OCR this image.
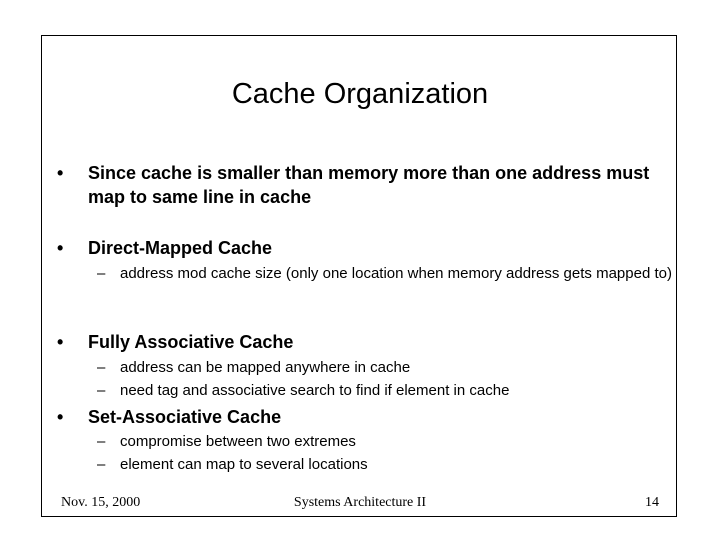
Cache Organization
• Since cache is smaller than memory more than one address must map to same line in cache
• Direct-Mapped Cache
– address mod cache size (only one location when memory address gets mapped to)
• Fully Associative Cache
– address can be mapped anywhere in cache
– need tag and associative search to find if element in cache
• Set-Associative Cache
– compromise between two extremes
– element can map to several locations
Nov. 15, 2000	Systems Architecture II	14
